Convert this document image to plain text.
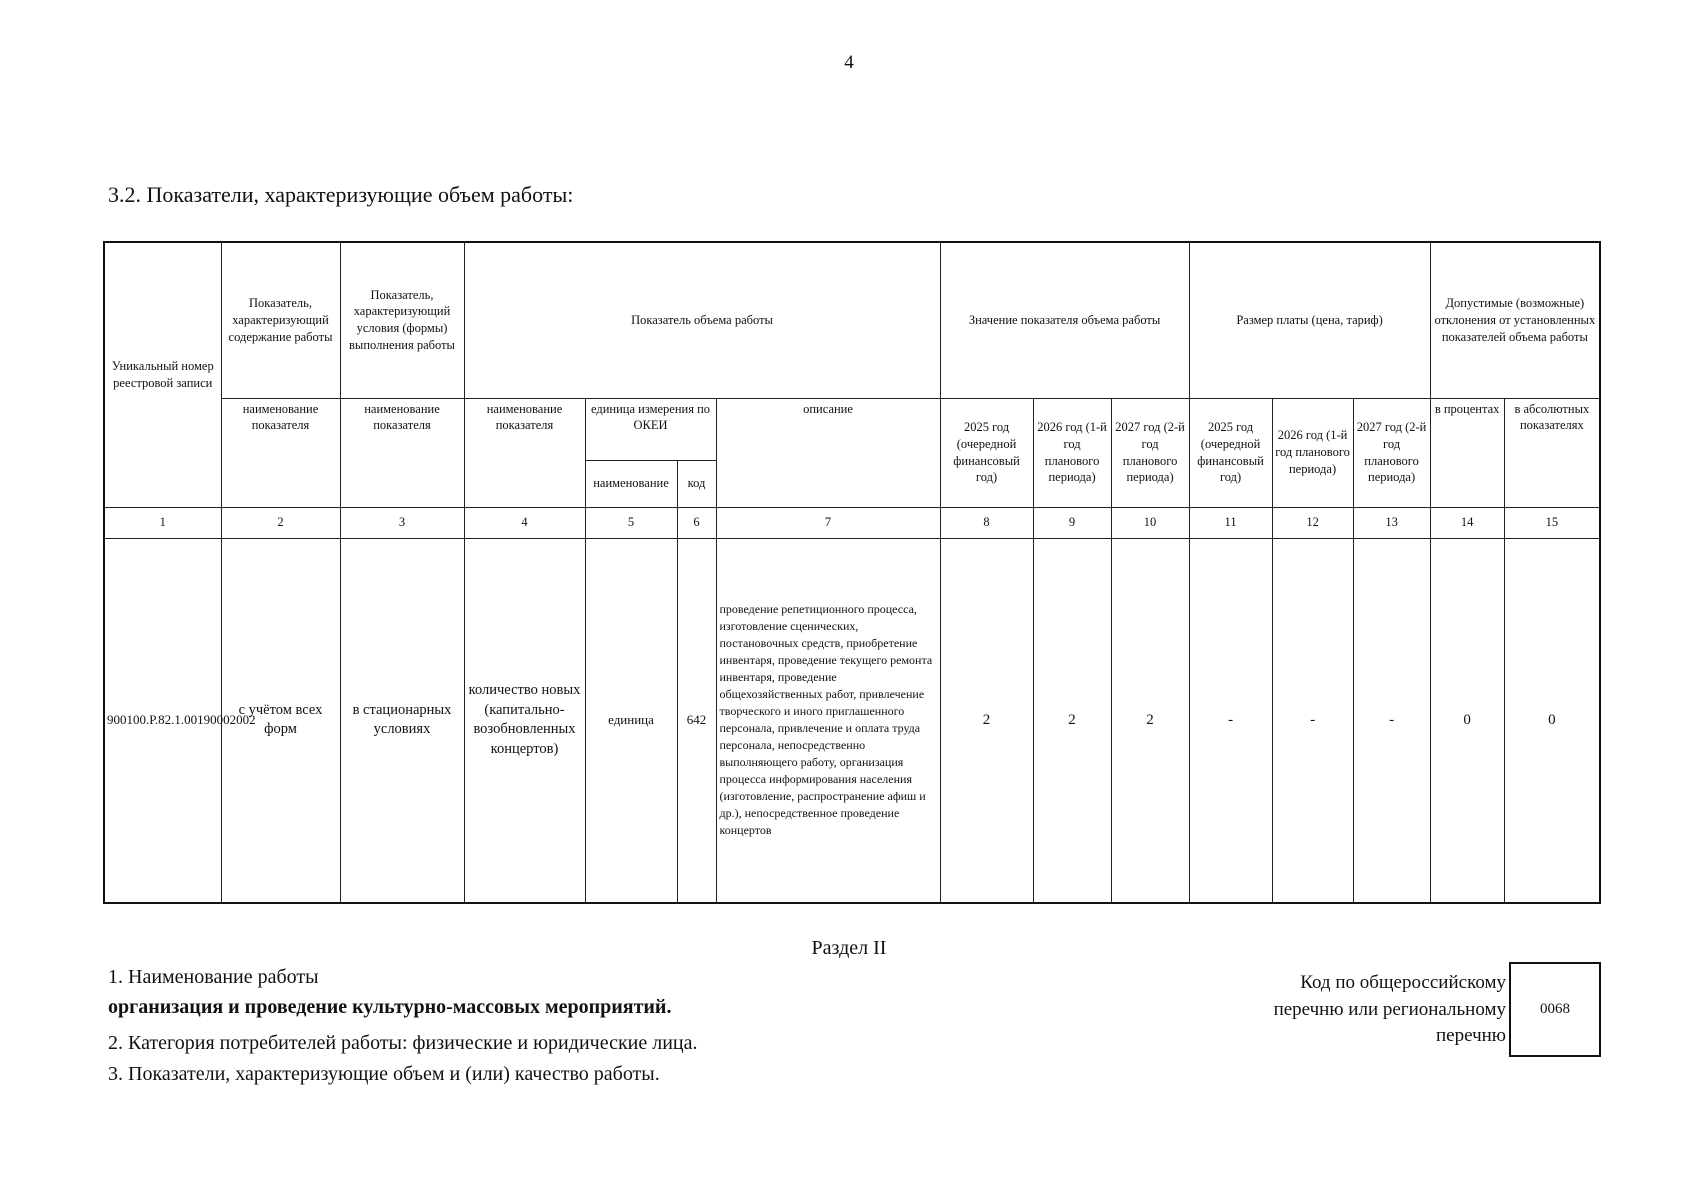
4
3.2. Показатели, характеризующие объем работы:
Уникальный номер реестровой записи	Показатель, характеризующий содержание работы	Показатель, характеризующий условия (формы) выполнения работы	Показатель объема работы				Значение показателя объема работы			Размер платы (цена, тариф)			Допустимые (возможные) отклонения от установленных показателей объема работы	
	наименование показателя	наименование показателя	наименование показателя	единица измерения по ОКЕИ		описание	2025 год (очередной финансовый год)	2026 год (1-й год планового периода)	2027 год (2-й год планового периода)	2025 год (очередной финансовый год)	2026 год (1-й год планового периода)	2027 год (2-й год планового периода)	в процентах	в абсолютных показателях
				наименование	код									
1	2	3	4	5	6	7	8	9	10	11	12	13	14	15
900100.Р.82.1.00190002002	с учётом всех форм	в стационарных условиях	количество новых (капитально-возобновленных концертов)	единица	642	проведение репетиционного процесса, изготовление сценических, постановочных средств, приобретение инвентаря, проведение текущего ремонта инвентаря, проведение общехозяйственных работ, привлечение творческого и иного приглашенного персонала, привлечение и оплата труда персонала, непосредственно выполняющего работу, организация процесса информирования населения (изготовление, распространение афиш и др.), непосредственное проведение концертов	2	2	2	-	-	-	0	0
Раздел II
1. Наименование работы
организация и проведение культурно-массовых мероприятий.
2. Категория потребителей работы: физические и юридические лица.
3. Показатели, характеризующие объем и (или) качество работы.
Код по общероссийскому перечню или региональному перечню
0068
